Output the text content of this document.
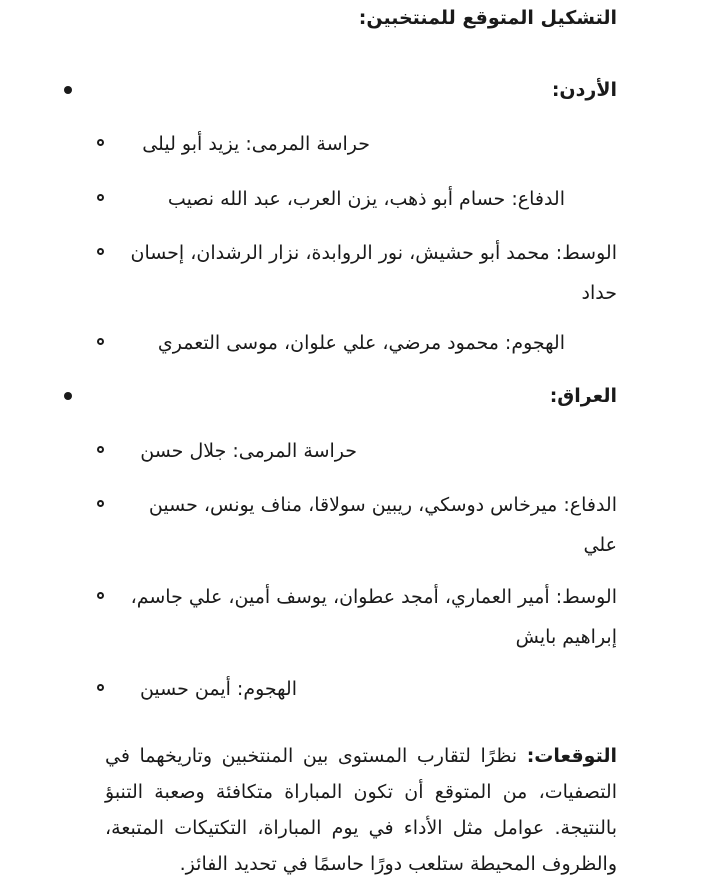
التشكيل المتوقع للمنتخبين:
الأردن:
حراسة المرمى: يزيد أبو ليلى
الدفاع: حسام أبو ذهب، يزن العرب، عبد الله نصيب
الوسط: محمد أبو حشيش، نور الروابدة، نزار الرشدان، إحسان حداد
الهجوم: محمود مرضي، علي علوان، موسى التعمري
العراق:
حراسة المرمى: جلال حسن
الدفاع: ميرخاس دوسكي، ريبين سولاقا، مناف يونس، حسين علي
الوسط: أمير العماري، أمجد عطوان، يوسف أمين، علي جاسم، إبراهيم بايش
الهجوم: أيمن حسين
التوقعات: نظرًا لتقارب المستوى بين المنتخبين وتاريخهما في التصفيات، من المتوقع أن تكون المباراة متكافئة وصعبة التنبؤ بالنتيجة. عوامل مثل الأداء في يوم المباراة، التكتيكات المتبعة، والظروف المحيطة ستلعب دورًا حاسمًا في تحديد الفائز.
